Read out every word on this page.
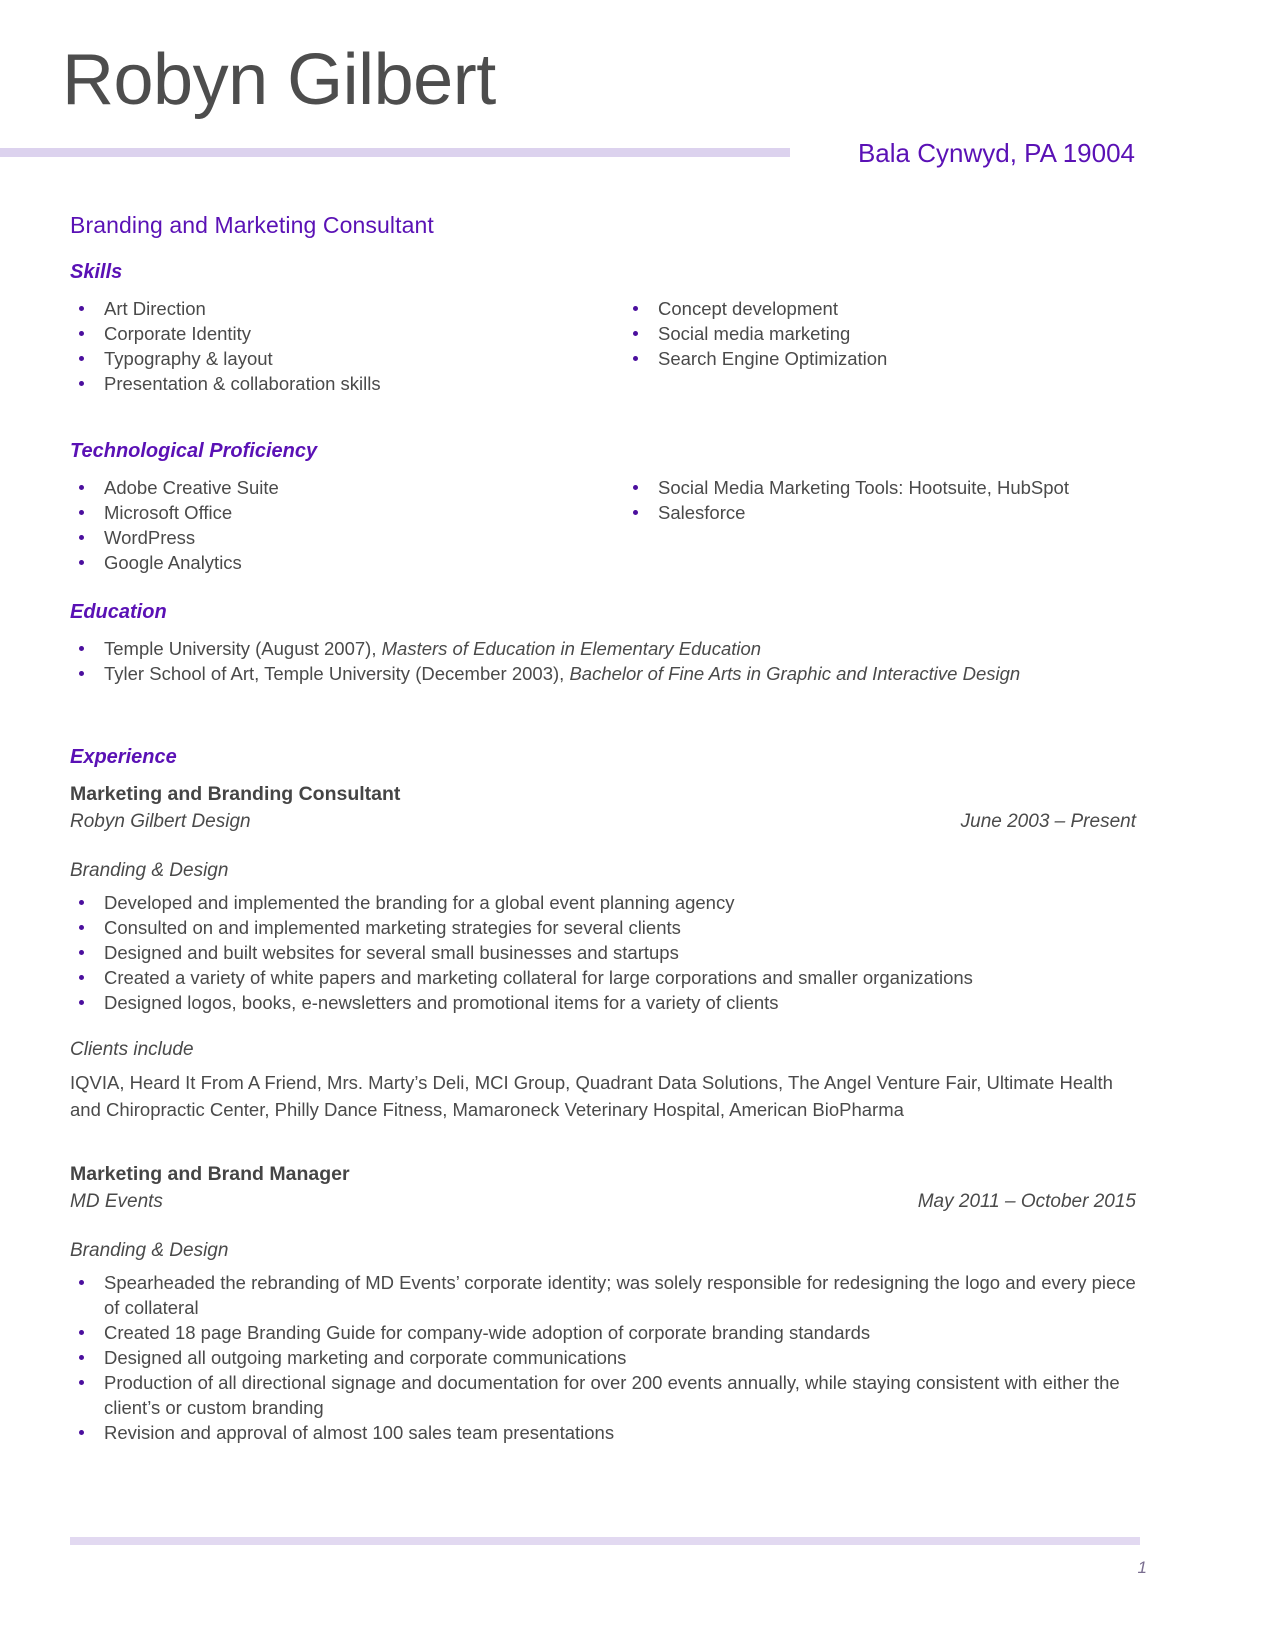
Robyn Gilbert
Bala Cynwyd, PA 19004
Branding and Marketing Consultant
Skills
Art Direction
Corporate Identity
Typography & layout
Presentation & collaboration skills
Concept development
Social media marketing
Search Engine Optimization
Technological Proficiency
Adobe Creative Suite
Microsoft Office
WordPress
Google Analytics
Social Media Marketing Tools: Hootsuite, HubSpot
Salesforce
Education
Temple University (August 2007), Masters of Education in Elementary Education
Tyler School of Art, Temple University (December 2003), Bachelor of Fine Arts in Graphic and Interactive Design
Experience
Marketing and Branding Consultant
Robyn Gilbert Design	June 2003 – Present
Branding & Design
Developed and implemented the branding for a global event planning agency
Consulted on and implemented marketing strategies for several clients
Designed and built websites for several small businesses and startups
Created a variety of white papers and marketing collateral for large corporations and smaller organizations
Designed logos, books, e-newsletters and promotional items for a variety of clients
Clients include

IQVIA, Heard It From A Friend, Mrs. Marty’s Deli, MCI Group, Quadrant Data Solutions, The Angel Venture Fair, Ultimate Health and Chiropractic Center, Philly Dance Fitness, Mamaroneck Veterinary Hospital, American BioPharma

Marketing and Brand Manager
MD Events	May 2011 – October 2015
Branding & Design
Spearheaded the rebranding of MD Events’ corporate identity; was solely responsible for redesigning the logo and every piece of collateral
Created 18 page Branding Guide for company-wide adoption of corporate branding standards
Designed all outgoing marketing and corporate communications
Production of all directional signage and documentation for over 200 events annually, while staying consistent with either the client’s or custom branding
Revision and approval of almost 100 sales team presentations
1
